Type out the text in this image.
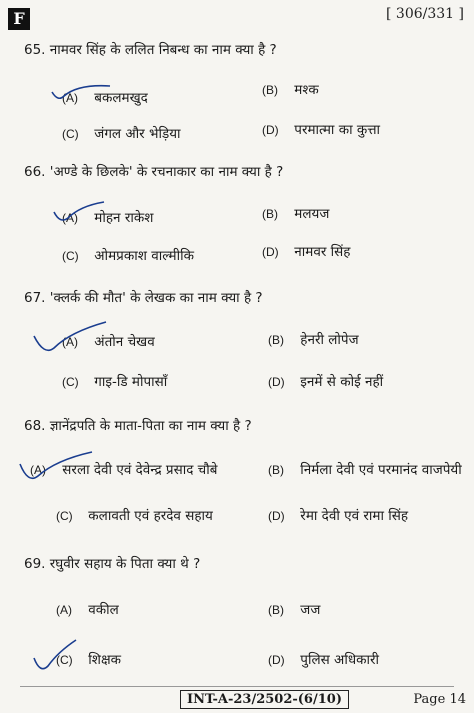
F	[ 306/331 ]
65. नामवर सिंह के ललित निबन्ध का नाम क्या है ?
(A) बकलमखुद	(B) मश्क
(C) जंगल और भेड़िया	(D) परमात्मा का कुत्ता
66. 'अण्डे के छिलके' के रचनाकार का नाम क्या है ?
(A) मोहन राकेश	(B) मलयज
(C) ओमप्रकाश वाल्मीकि	(D) नामवर सिंह
67. 'क्लर्क की मौत' के लेखक का नाम क्या है ?
(A) अंतोन चेखव	(B) हेनरी लोपेज
(C) गाइ-डि मोपासाँ	(D) इनमें से कोई नहीं
68. ज्ञानेंद्रपति के माता-पिता का नाम क्या है ?
(A) सरला देवी एवं देवेन्द्र प्रसाद चौबे	(B) निर्मला देवी एवं परमानंद वाजपेयी
(C) कलावती एवं हरदेव सहाय	(D) रेमा देवी एवं रामा सिंह
69. रघुवीर सहाय के पिता क्या थे ?
(A) वकील	(B) जज
(C) शिक्षक	(D) पुलिस अधिकारी
INT-A-23/2502-(6/10)	Page 14
